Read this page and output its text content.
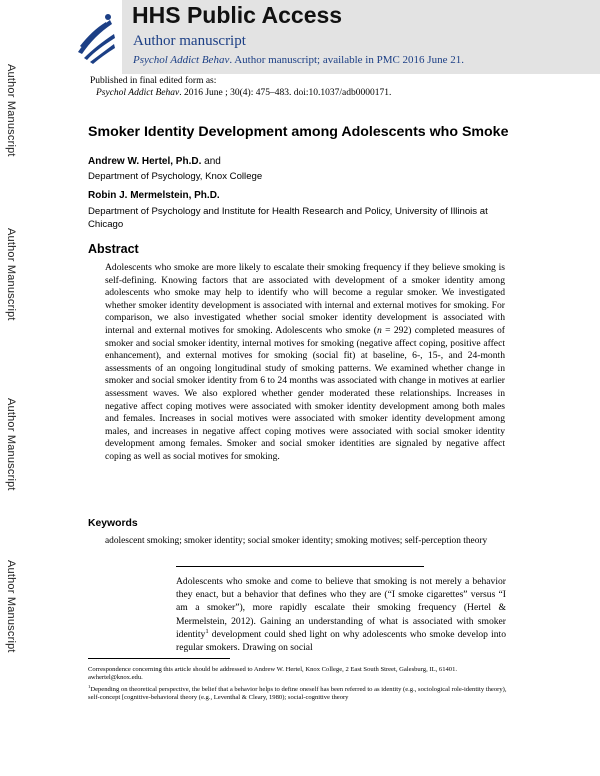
Author Manuscript
Author Manuscript
Author Manuscript
Author Manuscript
HHS Public Access
Author manuscript
Psychol Addict Behav. Author manuscript; available in PMC 2016 June 21.
Published in final edited form as:
Psychol Addict Behav. 2016 June ; 30(4): 475–483. doi:10.1037/adb0000171.
Smoker Identity Development among Adolescents who Smoke
Andrew W. Hertel, Ph.D. and
Department of Psychology, Knox College
Robin J. Mermelstein, Ph.D.
Department of Psychology and Institute for Health Research and Policy, University of Illinois at Chicago
Abstract
Adolescents who smoke are more likely to escalate their smoking frequency if they believe smoking is self-defining. Knowing factors that are associated with development of a smoker identity among adolescents who smoke may help to identify who will become a regular smoker. We investigated whether smoker identity development is associated with internal and external motives for smoking. For comparison, we also investigated whether social smoker identity development is associated with internal and external motives for smoking. Adolescents who smoke (n = 292) completed measures of smoker and social smoker identity, internal motives for smoking (negative affect coping, positive affect enhancement), and external motives for smoking (social fit) at baseline, 6-, 15-, and 24-month assessments of an ongoing longitudinal study of smoking patterns. We examined whether change in smoker and social smoker identity from 6 to 24 months was associated with change in motives at earlier assessment waves. We also explored whether gender moderated these relationships. Increases in negative affect coping motives were associated with smoker identity development among both males and females. Increases in social motives were associated with smoker identity development among males, and increases in negative affect coping motives were associated with social smoker identity development among females. Smoker and social smoker identities are signaled by negative affect coping as well as social motives for smoking.
Keywords
adolescent smoking; smoker identity; social smoker identity; smoking motives; self-perception theory
Adolescents who smoke and come to believe that smoking is not merely a behavior they enact, but a behavior that defines who they are (“I smoke cigarettes” versus “I am a smoker”), more rapidly escalate their smoking frequency (Hertel & Mermelstein, 2012). Gaining an understanding of what is associated with smoker identity$^1$ development could shed light on why adolescents who smoke develop into regular smokers. Drawing on social
Correspondence concerning this article should be addressed to Andrew W. Hertel, Knox College, 2 East South Street, Galesburg, IL, 61401. awhertel@knox.edu.
$^1$Depending on theoretical perspective, the belief that a behavior helps to define oneself has been referred to as identity (e.g., sociological role-identity theory), self-concept [cognitive-behavioral theory (e.g., Leventhal & Cleary, 1980); social-cognitive theory
